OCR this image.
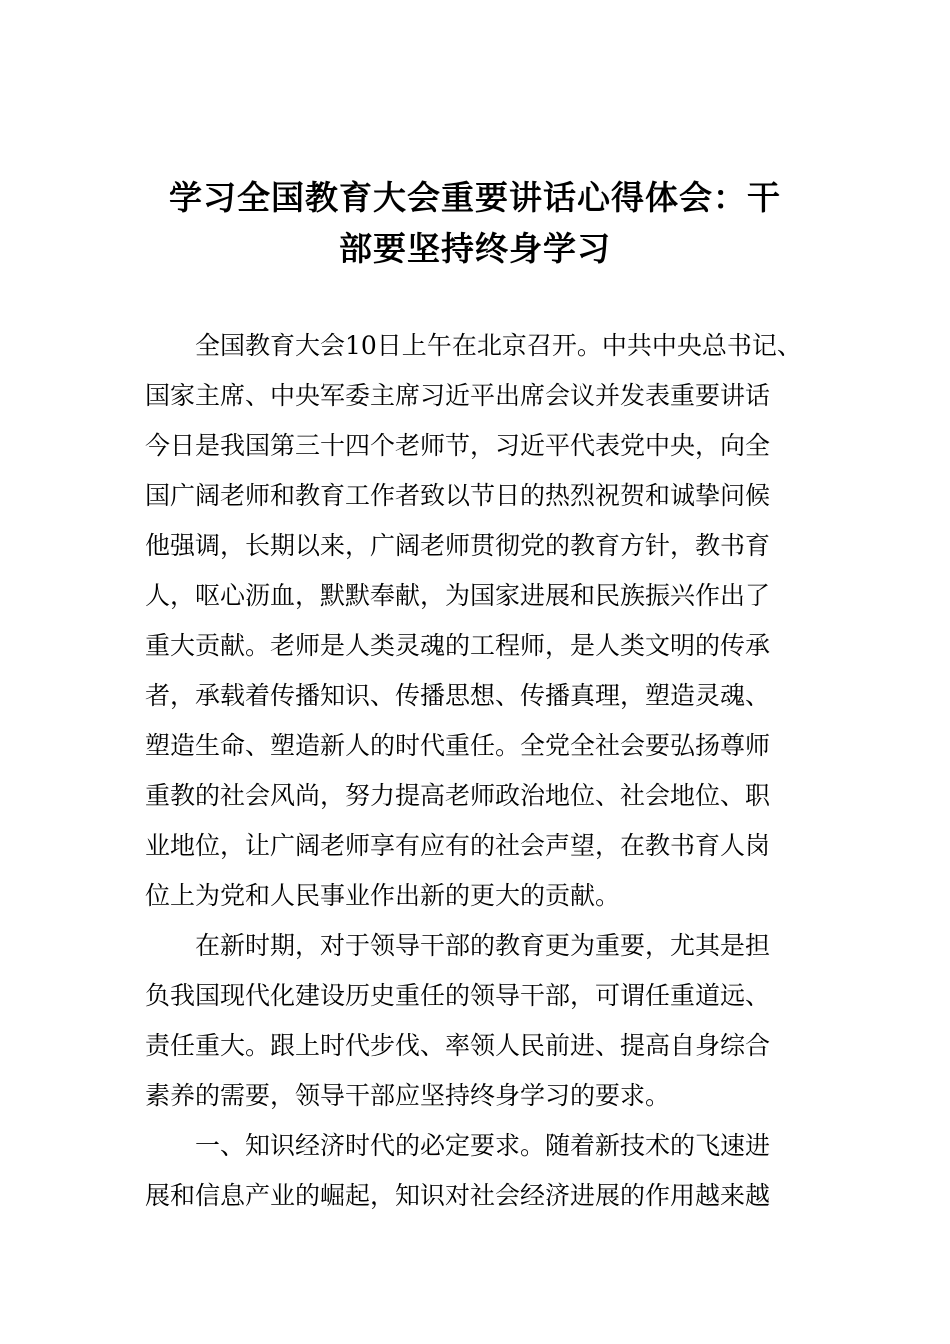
学习全国教育大会重要讲话心得体会：干
部要坚持终身学习
　　全国教育大会10日上午在北京召开。中共中央总书记、
国家主席、中央军委主席习近平出席会议并发表重要讲话
今日是我国第三十四个老师节，习近平代表党中央，向全
国广阔老师和教育工作者致以节日的热烈祝贺和诚挚问候
他强调，长期以来，广阔老师贯彻党的教育方针，教书育
人，呕心沥血，默默奉献，为国家进展和民族振兴作出了
重大贡献。老师是人类灵魂的工程师，是人类文明的传承
者，承载着传播知识、传播思想、传播真理，塑造灵魂、
塑造生命、塑造新人的时代重任。全党全社会要弘扬尊师
重教的社会风尚，努力提高老师政治地位、社会地位、职
业地位，让广阔老师享有应有的社会声望，在教书育人岗
位上为党和人民事业作出新的更大的贡献。
　　在新时期，对于领导干部的教育更为重要，尤其是担
负我国现代化建设历史重任的领导干部，可谓任重道远、
责任重大。跟上时代步伐、率领人民前进、提高自身综合
素养的需要，领导干部应坚持终身学习的要求。
　　一、知识经济时代的必定要求。随着新技术的飞速进
展和信息产业的崛起，知识对社会经济进展的作用越来越
